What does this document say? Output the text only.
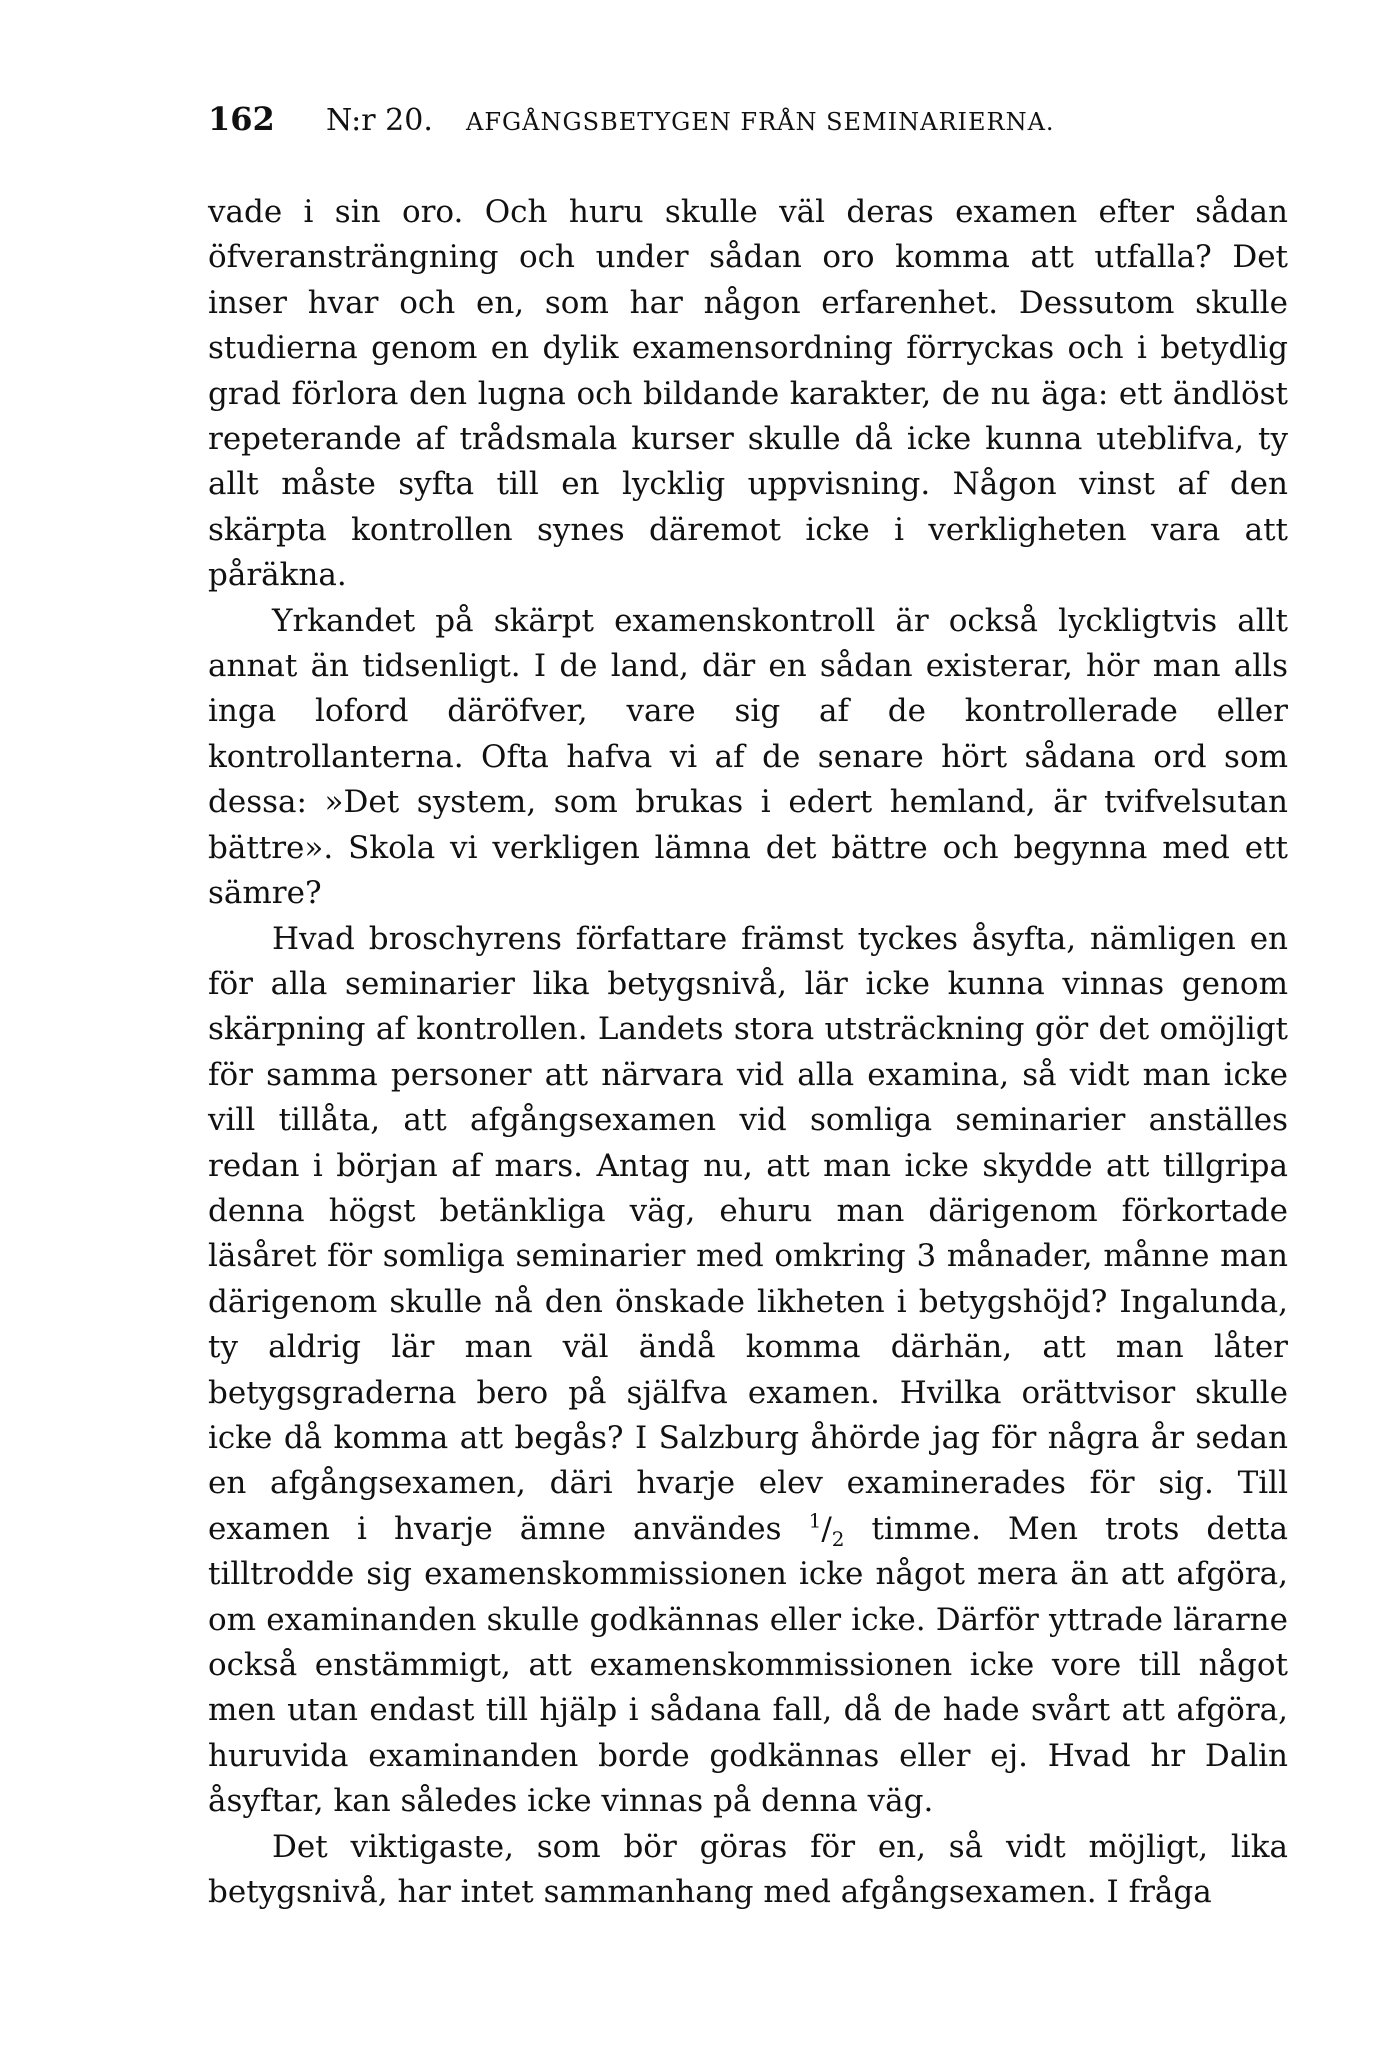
162	N:r 20.	AFGÅNGSBETYGEN FRÅN SEMINARIERNA.

vade i sin oro. Och huru skulle väl deras examen efter sådan öfveransträngning och under sådan oro komma att utfalla? Det inser hvar och en, som har någon erfarenhet. Dessutom skulle studierna genom en dylik examensordning förryckas och i betydlig grad förlora den lugna och bildande karakter, de nu äga: ett ändlöst repeterande af trådsmala kurser skulle då icke kunna uteblifva, ty allt måste syfta till en lycklig uppvisning. Någon vinst af den skärpta kontrollen synes däremot icke i verkligheten vara att påräkna.

Yrkandet på skärpt examenskontroll är också lyckligtvis allt annat än tidsenligt. I de land, där en sådan existerar, hör man alls inga loford däröfver, vare sig af de kontrollerade eller kontrollanterna. Ofta hafva vi af de senare hört sådana ord som dessa: »Det system, som brukas i edert hemland, är tvifvelsutan bättre». Skola vi verkligen lämna det bättre och begynna med ett sämre?

Hvad broschyrens författare främst tyckes åsyfta, nämligen en för alla seminarier lika betygsnivå, lär icke kunna vinnas genom skärpning af kontrollen. Landets stora utsträckning gör det omöjligt för samma personer att närvara vid alla examina, så vidt man icke vill tillåta, att afgångsexamen vid somliga seminarier anställes redan i början af mars. Antag nu, att man icke skydde att tillgripa denna högst betänkliga väg, ehuru man därigenom förkortade läsåret för somliga seminarier med omkring 3 månader, månne man därigenom skulle nå den önskade likheten i betygshöjd? Ingalunda, ty aldrig lär man väl ändå komma därhän, att man låter betygsgraderna bero på själfva examen. Hvilka orättvisor skulle icke då komma att begås? I Salzburg åhörde jag för några år sedan en afgångsexamen, däri hvarje elev examinerades för sig. Till examen i hvarje ämne användes $^1/_2$ timme. Men trots detta tilltrodde sig examenskommissionen icke något mera än att afgöra, om examinanden skulle godkännas eller icke. Därför yttrade lärarne också enstämmigt, att examenskommissionen icke vore till något men utan endast till hjälp i sådana fall, då de hade svårt att afgöra, huruvida examinanden borde godkännas eller ej. Hvad hr Dalin åsyftar, kan således icke vinnas på denna väg.

Det viktigaste, som bör göras för en, så vidt möjligt, lika betygsnivå, har intet sammanhang med afgångsexamen. I fråga
